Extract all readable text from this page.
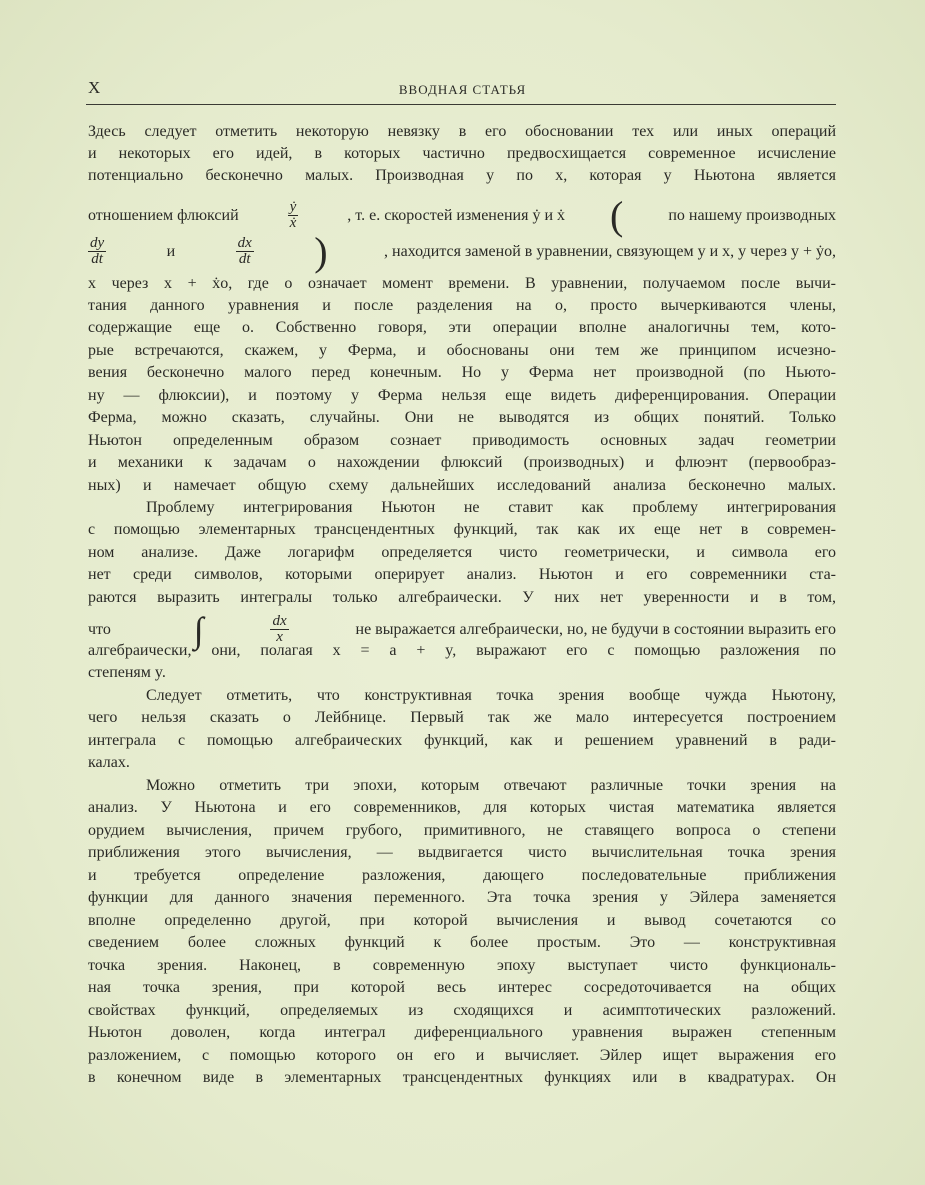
X	ВВОДНАЯ СТАТЬЯ
отношением флюксий	$\frac{\text{ẏ}}{\text{ẋ}}$	, т. е. скоростей изменения ẏ и ẋ (	по нашему производных
$\frac{dy}{dt}$	и	$\frac{dx}{dt}$ )	, находится заменой в уравнении, связующем y и x, y через y + ẏo,
что ∫	$\frac{dx}{x}$	не выражается алгебраически, но, не будучи в состоянии выразить его
Здесь следует отметить некоторую невязку в его обосновании тех или иных операций
и некоторых его идей, в которых частично предвосхищается современное исчисление
потенциально бесконечно малых. Производная y по x, которая у Ньютона является
x через x + ẋo, где o означает момент времени. В уравнении, получаемом после вычи-
тания данного уравнения и после разделения на o, просто вычеркиваются члены,
содержащие еще o. Собственно говоря, эти операции вполне аналогичны тем, кото-
рые встречаются, скажем, у Ферма, и обоснованы они тем же принципом исчезно-
вения бесконечно малого перед конечным. Но у Ферма нет производной (по Ньюто-
ну — флюксии), и поэтому у Ферма нельзя еще видеть диференцирования. Операции
Ферма, можно сказать, случайны. Они не выводятся из общих понятий. Только
Ньютон определенным образом сознает приводимость основных задач геометрии
и механики к задачам о нахождении флюксий (производных) и флюэнт (первообраз-
ных) и намечает общую схему дальнейших исследований анализа бесконечно малых.
Проблему интегрирования Ньютон не ставит как проблему интегрирования
с помощью элементарных трансцендентных функций, так как их еще нет в современ-
ном анализе. Даже логарифм определяется чисто геометрически, и символа его
нет среди символов, которыми оперирует анализ. Ньютон и его современники ста-
раются выразить интегралы только алгебраически. У них нет уверенности и в том,
алгебраически, они, полагая x = a + y, выражают его с помощью разложения по
степеням y.
Следует отметить, что конструктивная точка зрения вообще чужда Ньютону,
чего нельзя сказать о Лейбнице. Первый так же мало интересуется построением
интеграла с помощью алгебраических функций, как и решением уравнений в ради-
калах.
Можно отметить три эпохи, которым отвечают различные точки зрения на
анализ. У Ньютона и его современников, для которых чистая математика является
орудием вычисления, причем грубого, примитивного, не ставящего вопроса о степени
приближения этого вычисления, — выдвигается чисто вычислительная точка зрения
и требуется определение разложения, дающего последовательные приближения
функции для данного значения переменного. Эта точка зрения у Эйлера заменяется
вполне определенно другой, при которой вычисления и вывод сочетаются со
сведением более сложных функций к более простым. Это — конструктивная
точка зрения. Наконец, в современную эпоху выступает чисто функциональ-
ная точка зрения, при которой весь интерес сосредоточивается на общих
свойствах функций, определяемых из сходящихся и асимптотических разложений.
Ньютон доволен, когда интеграл диференциального уравнения выражен степенным
разложением, с помощью которого он его и вычисляет. Эйлер ищет выражения его
в конечном виде в элементарных трансцендентных функциях или в квадратурах. Он
